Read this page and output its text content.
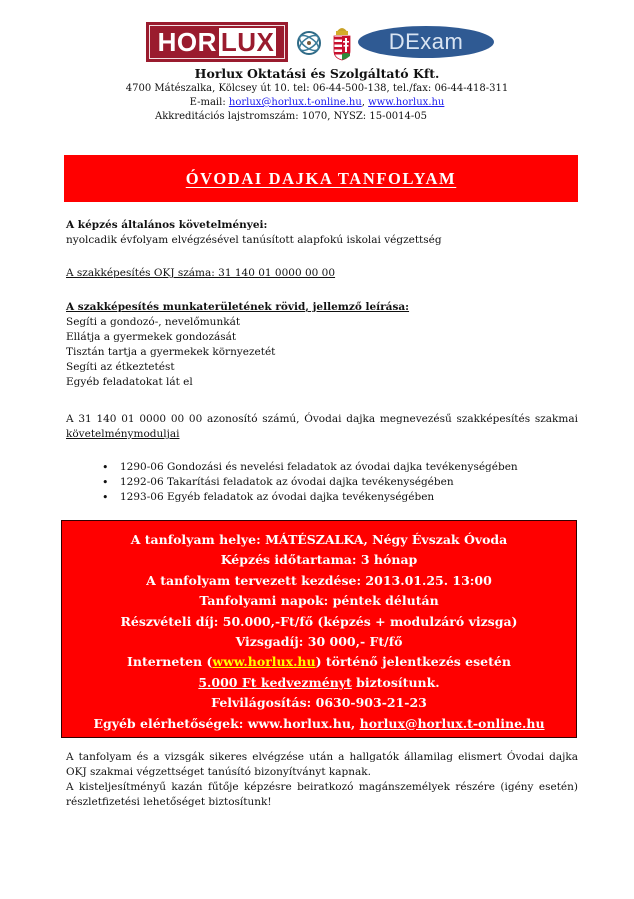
HOR LUX	DExam
Horlux Oktatási és Szolgáltató Kft.
4700 Mátészalka, Kölcsey út 10. tel: 06-44-500-138, tel./fax: 06-44-418-311
E-mail: horlux@horlux.t-online.hu, www.horlux.hu
Akkreditációs lajstromszám: 1070, NYSZ: 15-0014-05
ÓVODAI DAJKA TANFOLYAM
A képzés általános követelményei:
nyolcadik évfolyam elvégzésével tanúsított alapfokú iskolai végzettség
A szakképesítés OKJ száma: 31 140 01 0000 00 00
A szakképesítés munkaterületének rövid, jellemző leírása:
Segíti a gondozó-, nevelőmunkát
Ellátja a gyermekek gondozását
Tisztán tartja a gyermekek környezetét
Segíti az étkeztetést
Egyéb feladatokat lát el
A 31 140 01 0000 00 00 azonosító számú, Óvodai dajka megnevezésű szakképesítés szakmai
követelménymoduljai
• 1290-06 Gondozási és nevelési feladatok az óvodai dajka tevékenységében
• 1292-06 Takarítási feladatok az óvodai dajka tevékenységében
• 1293-06 Egyéb feladatok az óvodai dajka tevékenységében
A tanfolyam helye: MÁTÉSZALKA, Négy Évszak Óvoda
Képzés időtartama: 3 hónap
A tanfolyam tervezett kezdése: 2013.01.25. 13:00
Tanfolyami napok: péntek délután
Részvételi díj: 50.000,-Ft/fő (képzés + modulzáró vizsga)
Vizsgadíj: 30 000,- Ft/fő
Interneten (www.horlux.hu) történő jelentkezés esetén
5.000 Ft kedvezményt biztosítunk.
Felvilágosítás: 0630-903-21-23
Egyéb elérhetőségek: www.horlux.hu, horlux@horlux.t-online.hu
A tanfolyam és a vizsgák sikeres elvégzése után a hallgatók államilag elismert Óvodai dajka
OKJ szakmai végzettséget tanúsító bizonyítványt kapnak.
A kisteljesítményű kazán fűtője képzésre beiratkozó magánszemélyek részére (igény esetén)
részletfizetési lehetőséget biztosítunk!
